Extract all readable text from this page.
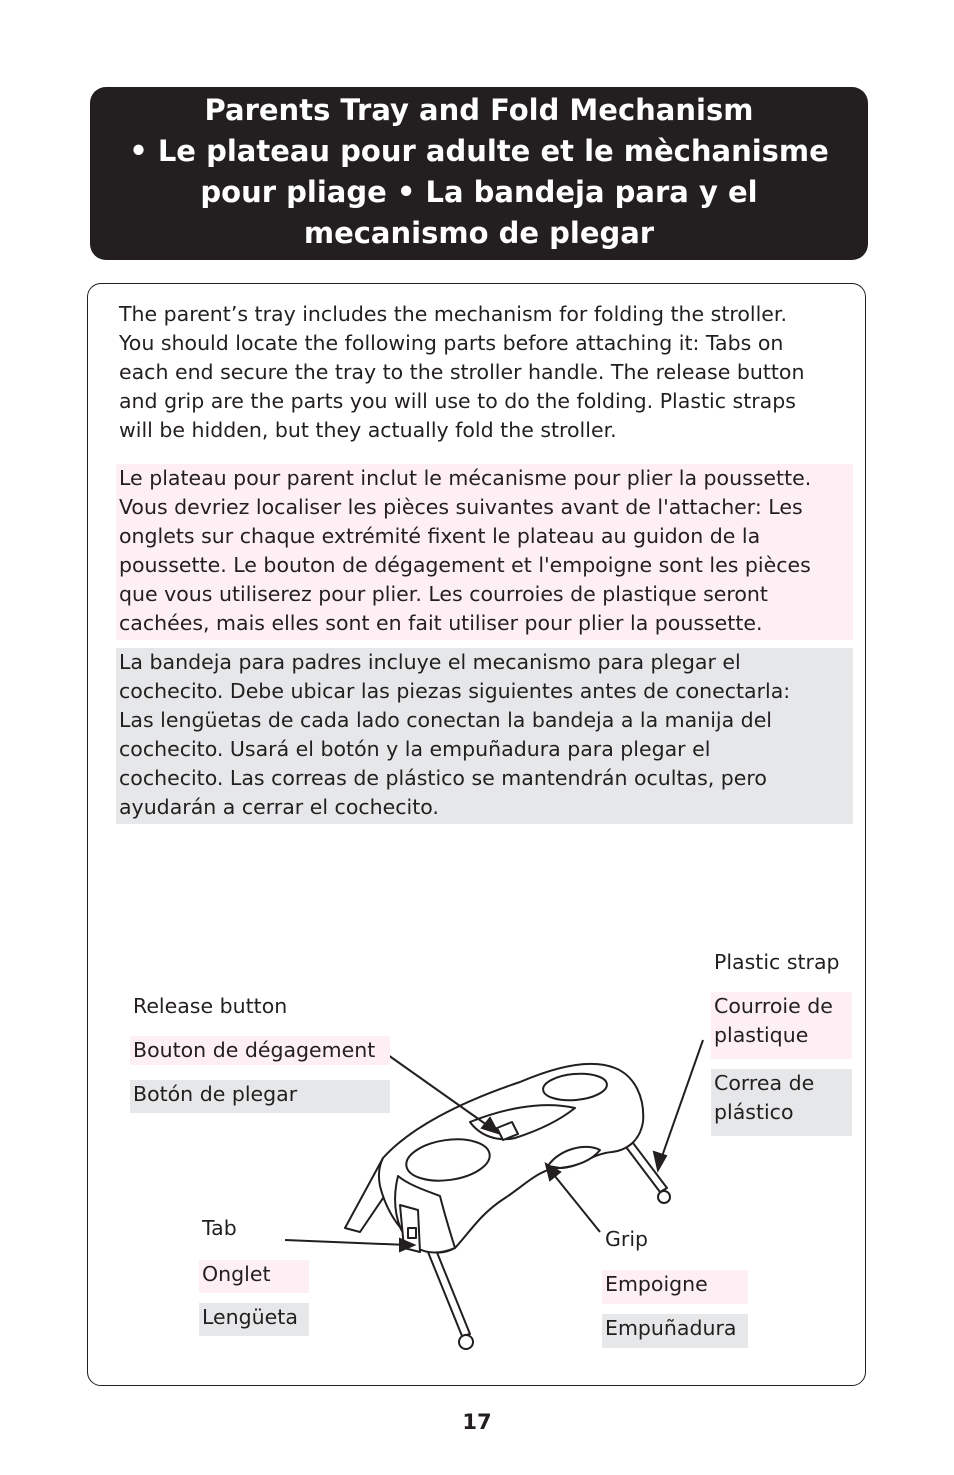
Parents Tray and Fold Mechanism
• Le plateau pour adulte et le mèchanisme
pour pliage • La bandeja para y el
mecanismo de plegar
The parent’s tray includes the mechanism for folding the stroller.
You should locate the following parts before attaching it: Tabs on
each end secure the tray to the stroller handle. The release button
and grip are the parts you will use to do the folding. Plastic straps
will be hidden, but they actually fold the stroller.
Le plateau pour parent inclut le mécanisme pour plier la poussette.
Vous devriez localiser les pièces suivantes avant de l'attacher: Les
onglets sur chaque extrémité fixent le plateau au guidon de la
poussette. Le bouton de dégagement et l'empoigne sont les pièces
que vous utiliserez pour plier. Les courroies de plastique seront
cachées, mais elles sont en fait utiliser pour plier la poussette.
La bandeja para padres incluye el mecanismo para plegar el
cochecito. Debe ubicar las piezas siguientes antes de conectarla:
Las lengüetas de cada lado conectan la bandeja a la manija del
cochecito. Usará el botón y la empuñadura para plegar el
cochecito. Las correas de plástico se mantendrán ocultas, pero
ayudarán a cerrar el cochecito.
Release button
Bouton de dégagement
Botón de plegar
Plastic strap
Courroie de
plastique
Correa de
plástico
Tab
Onglet
Lengüeta
Grip
Empoigne
Empuñadura
17
